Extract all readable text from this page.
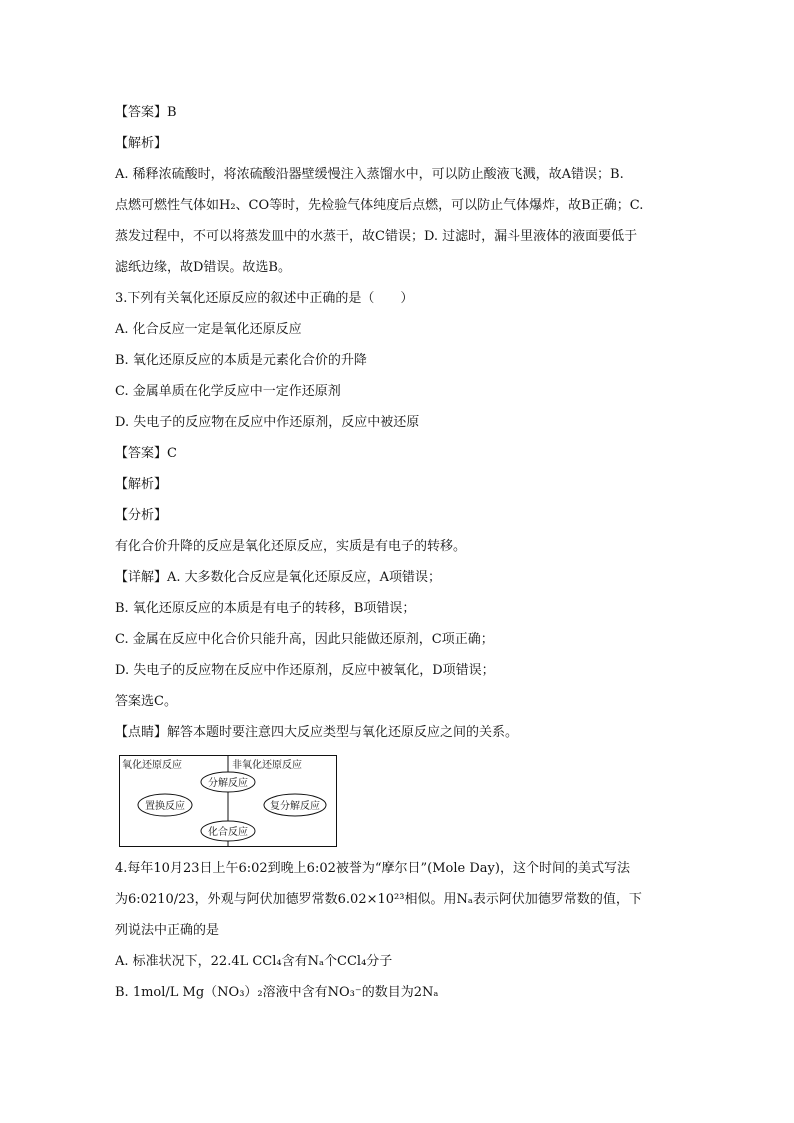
【答案】B
【解析】
A. 稀释浓硫酸时，将浓硫酸沿器壁缓慢注入蒸馏水中，可以防止酸液飞溅，故A错误；B.
点燃可燃性气体如H₂、CO等时，先检验气体纯度后点燃，可以防止气体爆炸，故B正确；C.
蒸发过程中，不可以将蒸发皿中的水蒸干，故C错误；D. 过滤时，漏斗里液体的液面要低于
滤纸边缘，故D错误。故选B。
3.下列有关氧化还原反应的叙述中正确的是（　　）
A. 化合反应一定是氧化还原反应
B. 氧化还原反应的本质是元素化合价的升降
C. 金属单质在化学反应中一定作还原剂
D. 失电子的反应物在反应中作还原剂，反应中被还原
【答案】C
【解析】
【分析】
有化合价升降的反应是氧化还原反应，实质是有电子的转移。
【详解】A. 大多数化合反应是氧化还原反应，A项错误；
B. 氧化还原反应的本质是有电子的转移，B项错误；
C. 金属在反应中化合价只能升高，因此只能做还原剂，C项正确；
D. 失电子的反应物在反应中作还原剂，反应中被氧化，D项错误；
答案选C。
【点睛】解答本题时要注意四大反应类型与氧化还原反应之间的关系。
氧化还原反应	非氧化还原反应
分解反应
置换反应	复分解反应
化合反应
4.每年10月23日上午6:02到晚上6:02被誉为“摩尔日”(Mole Day)，这个时间的美式写法
为6:0210/23，外观与阿伏加德罗常数6.02×10²³相似。用Nₐ表示阿伏加德罗常数的值，下
列说法中正确的是
A. 标准状况下，22.4L CCl₄含有Nₐ个CCl₄分子
B. 1mol/L Mg（NO₃）₂溶液中含有NO₃⁻的数目为2Nₐ
